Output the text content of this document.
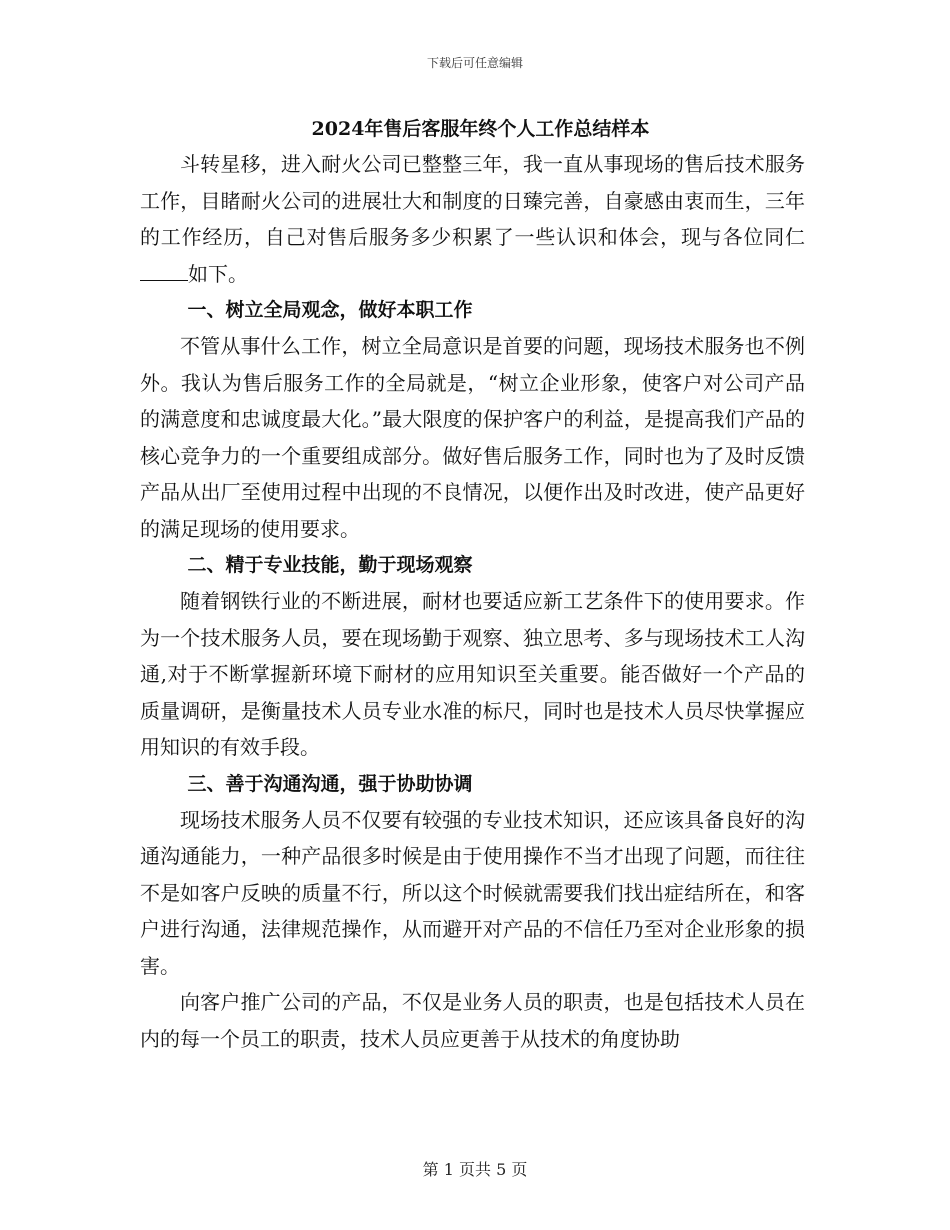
下载后可任意编辑

2024年售后客服年终个人工作总结样本

斗转星移，进入耐火公司已整整三年，我一直从事现场的售后技术服务工作，目睹耐火公司的进展壮大和制度的日臻完善，自豪感由衷而生，三年的工作经历，自己对售后服务多少积累了一些认识和体会，现与各位同仁如下。

一、树立全局观念，做好本职工作

不管从事什么工作，树立全局意识是首要的问题，现场技术服务也不例外。我认为售后服务工作的全局就是，“树立企业形象，使客户对公司产品的满意度和忠诚度最大化。”最大限度的保护客户的利益，是提高我们产品的核心竞争力的一个重要组成部分。做好售后服务工作，同时也为了及时反馈产品从出厂至使用过程中出现的不良情况，以便作出及时改进，使产品更好的满足现场的使用要求。

二、精于专业技能，勤于现场观察

随着钢铁行业的不断进展，耐材也要适应新工艺条件下的使用要求。作为一个技术服务人员，要在现场勤于观察、独立思考、多与现场技术工人沟通,对于不断掌握新环境下耐材的应用知识至关重要。能否做好一个产品的质量调研，是衡量技术人员专业水准的标尺，同时也是技术人员尽快掌握应用知识的有效手段。

三、善于沟通沟通，强于协助协调

现场技术服务人员不仅要有较强的专业技术知识，还应该具备良好的沟通沟通能力，一种产品很多时候是由于使用操作不当才出现了问题，而往往不是如客户反映的质量不行，所以这个时候就需要我们找出症结所在，和客户进行沟通，法律规范操作，从而避开对产品的不信任乃至对企业形象的损害。

向客户推广公司的产品，不仅是业务人员的职责，也是包括技术人员在内的每一个员工的职责，技术人员应更善于从技术的角度协助

第 1 页共 5 页
